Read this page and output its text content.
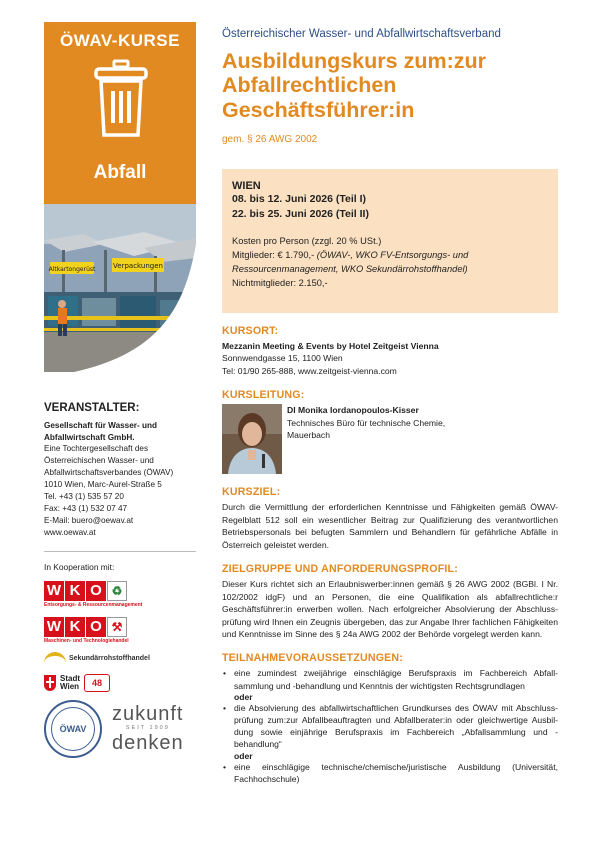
ÖWAV-KURSE
Abfall
Altkartongerüst	Verpackungen
VERANSTALTER:
Gesellschaft für Wasser- und
Abfallwirtschaft GmbH.
Eine Tochtergesellschaft des
Österreichischen Wasser- und
Abfallwirtschaftsverbandes (ÖWAV)
1010 Wien, Marc-Aurel-Straße 5
Tel. +43 (1) 535 57 20
Fax: +43 (1) 532 07 47
E-Mail: buero@oewav.at
www.oewav.at
In Kooperation mit:
W K O ♻
Entsorgungs- & Ressourcenmanagement
W K O ⚒
Maschinen- und Technologiehandel
Sekundärrohstoffhandel
Stadt
Wien	48
ÖWAV
zukunft
SEIT 1909
denken
Österreichischer Wasser- und Abfallwirtschaftsverband
Ausbildungskurs zum:zur
Abfallrechtlichen
Geschäftsführer:in
gem. § 26 AWG 2002
WIEN
08. bis 12. Juni 2026 (Teil I)
22. bis 25. Juni 2026 (Teil II)
Kosten pro Person (zzgl. 20 % USt.)
Mitglieder: € 1.790,- (ÖWAV-, WKO FV-Entsorgungs- und
Ressourcenmanagement, WKO Sekundärrohstoffhandel)
Nichtmitglieder: 2.150,-
KURSORT:
Mezzanin Meeting & Events by Hotel Zeitgeist Vienna
Sonnwendgasse 15, 1100 Wien
Tel: 01/90 265-888, www.zeitgeist-vienna.com
KURSLEITUNG:
DI Monika Iordanopoulos-Kisser
Technisches Büro für technische Chemie,
Mauerbach
KURSZIEL:
Durch die Vermittlung der erforderlichen Kenntnisse und Fähigkeiten gemäß ÖWAV-Regelblatt 512 soll ein wesentlicher Beitrag zur Qualifizierung des verantwortlichen Betriebspersonals bei befugten Sammlern und Behandlern für gefährliche Abfälle in Österreich geleistet werden.
ZIELGRUPPE UND ANFORDERUNGSPROFIL:
Dieser Kurs richtet sich an Erlaubniswerber:innen gemäß § 26 AWG 2002 (BGBl. I Nr. 102/2002 idgF) und an Personen, die eine Qualifikation als abfallrechtliche:r Geschäftsführer:in erwerben wollen. Nach erfolgreicher Absolvierung der Abschlussprüfung wird Ihnen ein Zeugnis übergeben, das zur Angabe Ihrer fachlichen Fähigkeiten und Kenntnisse im Sinne des § 24a AWG 2002 der Behörde vorgelegt werden kann.
TEILNAHMEVORAUSSETZUNGEN:
• eine zumindest zweijährige einschlägige Berufspraxis im Fachbereich Abfallsammlung und -behandlung und Kenntnis der wichtigsten Rechtsgrundlagen
oder
• die Absolvierung des abfallwirtschaftlichen Grundkurses des ÖWAV mit Abschlussprüfung zum:zur Abfallbeauftragten und Abfallberater:in oder gleichwertige Ausbildung sowie einjährige Berufspraxis im Fachbereich „Abfallsammlung und -behandlung“
oder
• eine einschlägige technische/chemische/juristische Ausbildung (Universität, Fachhochschule)
